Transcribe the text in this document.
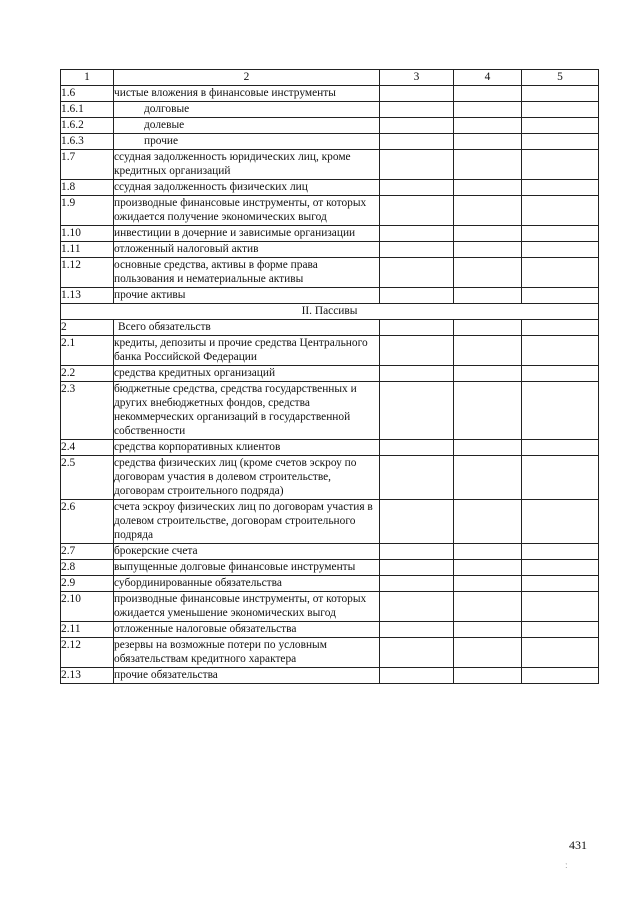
1	2	3	4	5
1.6	чистые вложения в финансовые инструменты			
1.6.1	долговые			
1.6.2	долевые			
1.6.3	прочие			
1.7	ссудная задолженность юридических лиц, кроме кредитных организаций			
1.8	ссудная задолженность физических лиц			
1.9	производные финансовые инструменты, от которых ожидается получение экономических выгод			
1.10	инвестиции в дочерние и зависимые организации			
1.11	отложенный налоговый актив			
1.12	основные средства, активы в форме права пользования и нематериальные активы			
1.13	прочие активы			
II. Пассивы				
2	Всего обязательств			
2.1	кредиты, депозиты и прочие средства Центрального банка Российской Федерации			
2.2	средства кредитных организаций			
2.3	бюджетные средства, средства государственных и других внебюджетных фондов, средства некоммерческих организаций в государственной собственности			
2.4	средства корпоративных клиентов			
2.5	средства физических лиц (кроме счетов эскроу по договорам участия в долевом строительстве, договорам строительного подряда)			
2.6	счета эскроу физических лиц по договорам участия в долевом строительстве, договорам строительного подряда			
2.7	брокерские счета			
2.8	выпущенные долговые финансовые инструменты			
2.9	субординированные обязательства			
2.10	производные финансовые инструменты, от которых ожидается уменьшение экономических выгод			
2.11	отложенные налоговые обязательства			
2.12	резервы на возможные потери по условным обязательствам кредитного характера			
2.13	прочие обязательства			
431
ː
